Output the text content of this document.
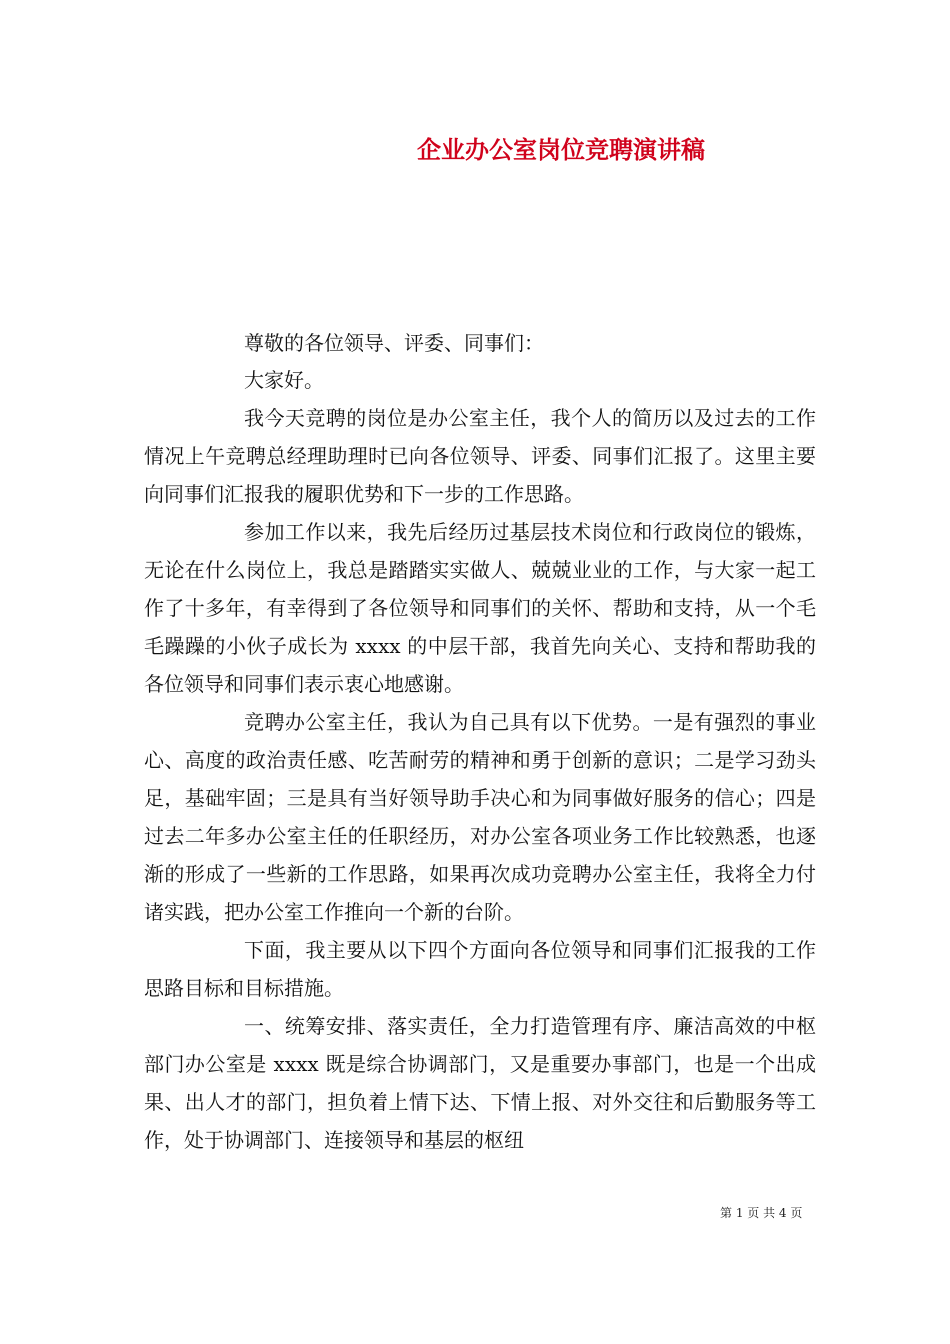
企业办公室岗位竞聘演讲稿
尊敬的各位领导、评委、同事们：

大家好。

我今天竞聘的岗位是办公室主任，我个人的简历以及过去的工作情况上午竞聘总经理助理时已向各位领导、评委、同事们汇报了。这里主要向同事们汇报我的履职优势和下一步的工作思路。

参加工作以来，我先后经历过基层技术岗位和行政岗位的锻炼，无论在什么岗位上，我总是踏踏实实做人、兢兢业业的工作，与大家一起工作了十多年，有幸得到了各位领导和同事们的关怀、帮助和支持，从一个毛毛躁躁的小伙子成长为 xxxx 的中层干部，我首先向关心、支持和帮助我的各位领导和同事们表示衷心地感谢。

竞聘办公室主任，我认为自己具有以下优势。一是有强烈的事业心、高度的政治责任感、吃苦耐劳的精神和勇于创新的意识；二是学习劲头足，基础牢固；三是具有当好领导助手决心和为同事做好服务的信心；四是过去二年多办公室主任的任职经历，对办公室各项业务工作比较熟悉，也逐渐的形成了一些新的工作思路，如果再次成功竞聘办公室主任，我将全力付诸实践，把办公室工作推向一个新的台阶。

下面，我主要从以下四个方面向各位领导和同事们汇报我的工作思路目标和目标措施。

一、统筹安排、落实责任，全力打造管理有序、廉洁高效的中枢部门办公室是 xxxx 既是综合协调部门，又是重要办事部门，也是一个出成果、出人才的部门，担负着上情下达、下情上报、对外交往和后勤服务等工作，处于协调部门、连接领导和基层的枢纽

第 1 页 共 4 页
